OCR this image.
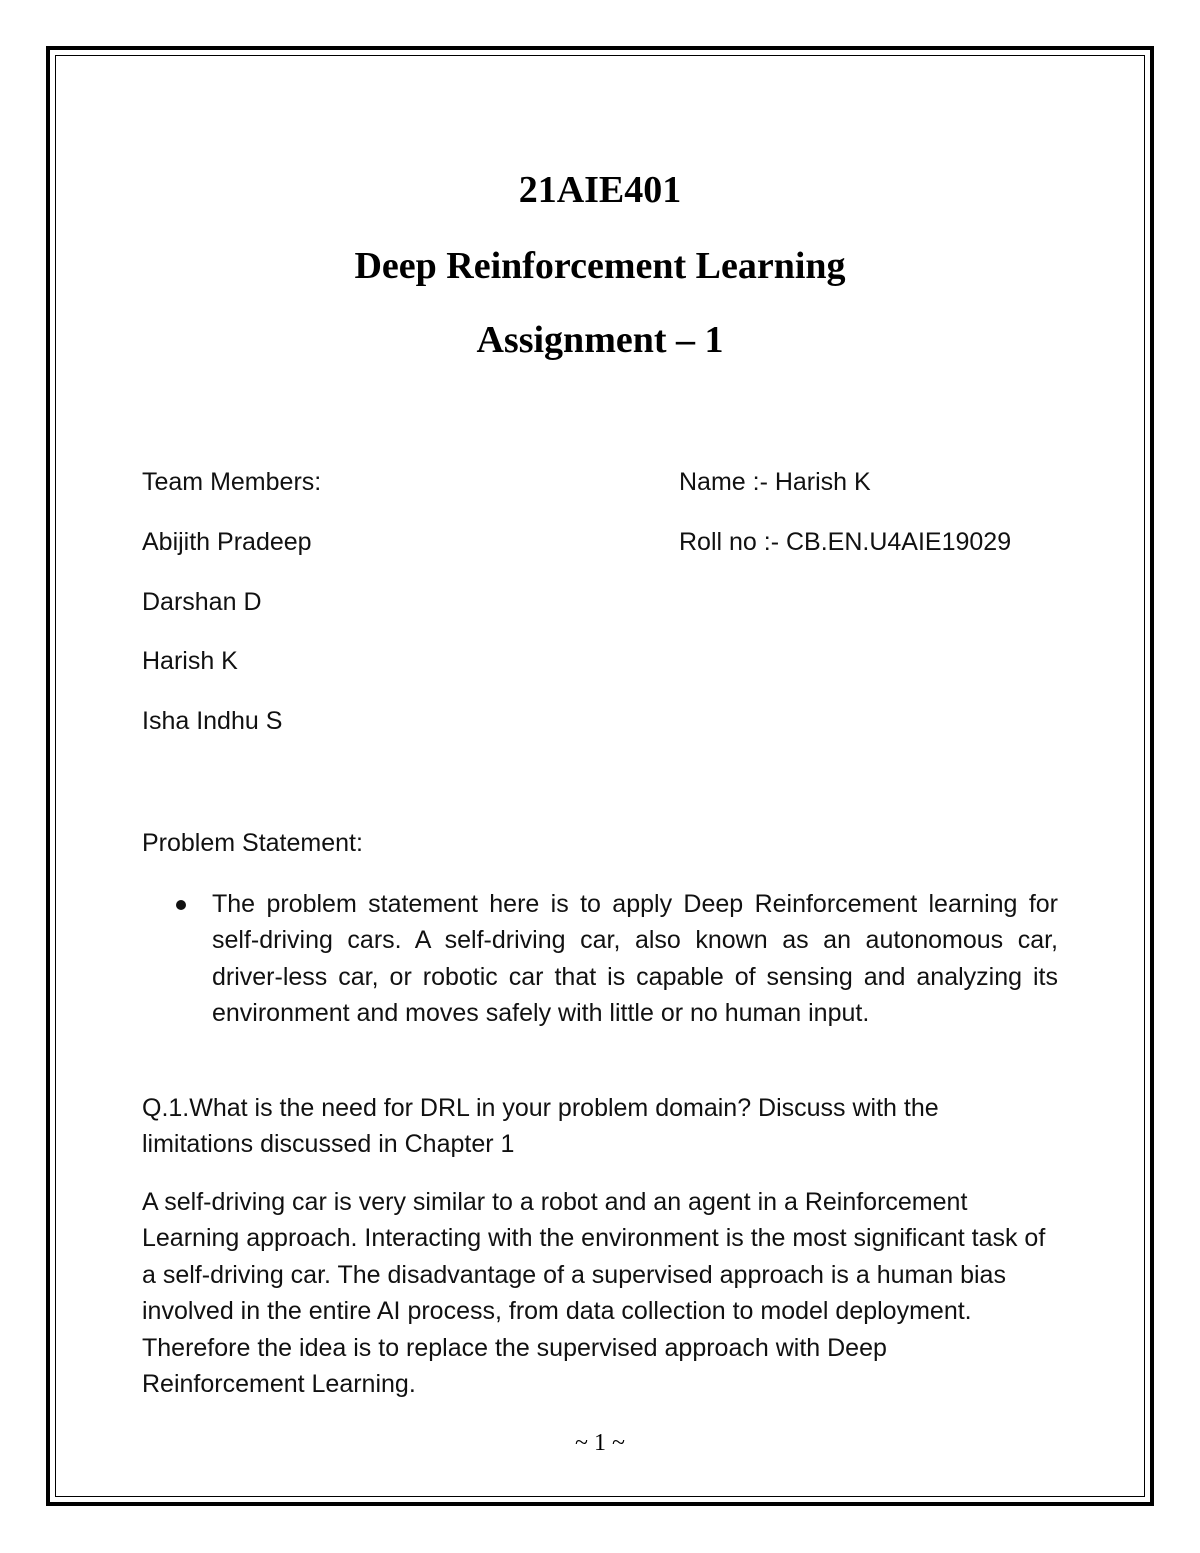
21AIE401
Deep Reinforcement Learning
Assignment – 1
Team Members:
Abijith Pradeep
Darshan D
Harish K
Isha Indhu S
Name :- Harish K
Roll no :- CB.EN.U4AIE19029
Problem Statement:

The problem statement here is to apply Deep Reinforcement learning for self-driving cars. A self-driving car, also known as an autonomous car, driver-less car, or robotic car that is capable of sensing and analyzing its environment and moves safely with little or no human input.

Q.1.What is the need for DRL in your problem domain? Discuss with the limitations discussed in Chapter 1

A self-driving car is very similar to a robot and an agent in a Reinforcement Learning approach. Interacting with the environment is the most significant task of a self-driving car. The disadvantage of a supervised approach is a human bias involved in the entire AI process, from data collection to model deployment. Therefore the idea is to replace the supervised approach with Deep Reinforcement Learning.

~ 1 ~
